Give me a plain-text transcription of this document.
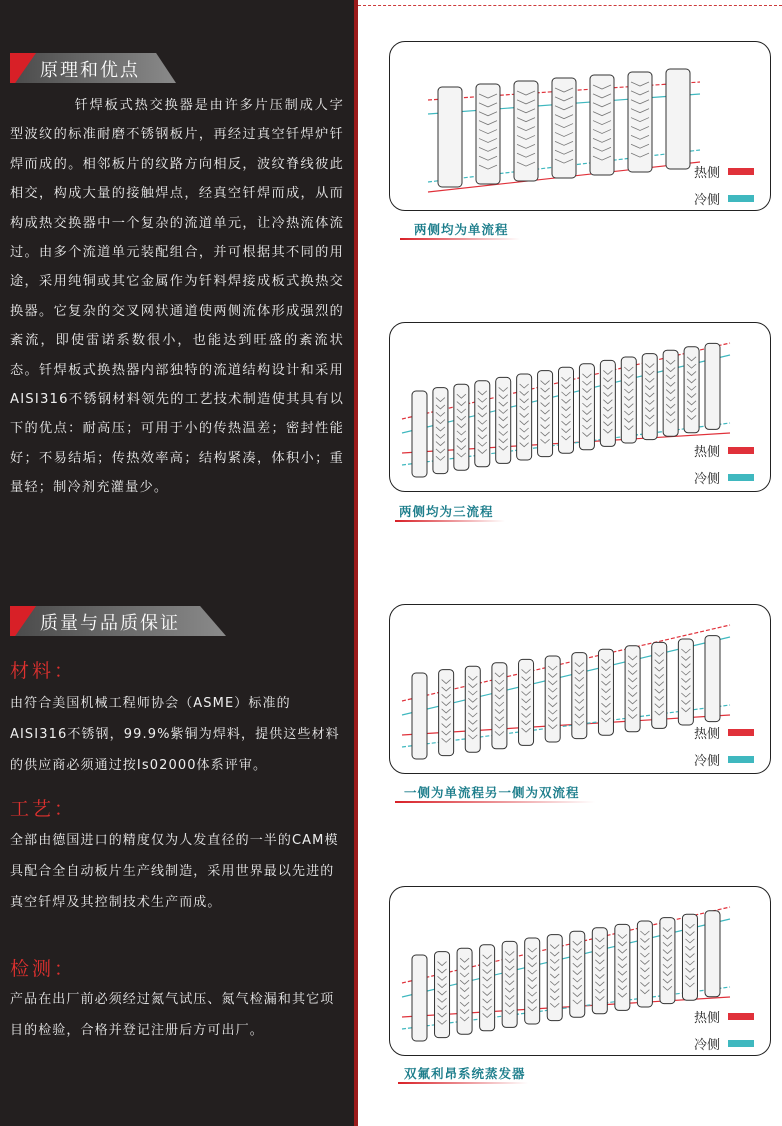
原理和优点
钎焊板式热交换器是由许多片压制成人字型波纹的标准耐磨不锈钢板片，再经过真空钎焊炉钎焊而成的。相邻板片的纹路方向相反，波纹脊线彼此相交，构成大量的接触焊点，经真空钎焊而成，从而构成热交换器中一个复杂的流道单元，让冷热流体流过。由多个流道单元装配组合，并可根据其不同的用途，采用纯铜或其它金属作为钎料焊接成板式换热交换器。它复杂的交叉网状通道使两侧流体形成强烈的紊流，即使雷诺系数很小，也能达到旺盛的紊流状态。钎焊板式换热器内部独特的流道结构设计和采用AISI316不锈钢材料领先的工艺技术制造使其具有以下的优点：耐高压；可用于小的传热温差；密封性能好；不易结垢；传热效率高；结构紧凑，体积小；重量轻；制冷剂充灌量少。
质量与品质保证
材料：
由符合美国机械工程师协会（ASME）标准的AISI316不锈钢，99.9%紫铜为焊料，提供这些材料的供应商必须通过按Is02000体系评审。
工艺：
全部由德国进口的精度仅为人发直径的一半的CAM模具配合全自动板片生产线制造，采用世界最以先进的真空钎焊及其控制技术生产而成。
检测：
产品在出厂前必须经过氮气试压、氮气检漏和其它项目的检验，合格并登记注册后方可出厂。
热侧
冷侧
两侧均为单流程
热侧
冷侧
两侧均为三流程
热侧
冷侧
一侧为单流程另一侧为双流程
热侧
冷侧
双氟利昂系统蒸发器
